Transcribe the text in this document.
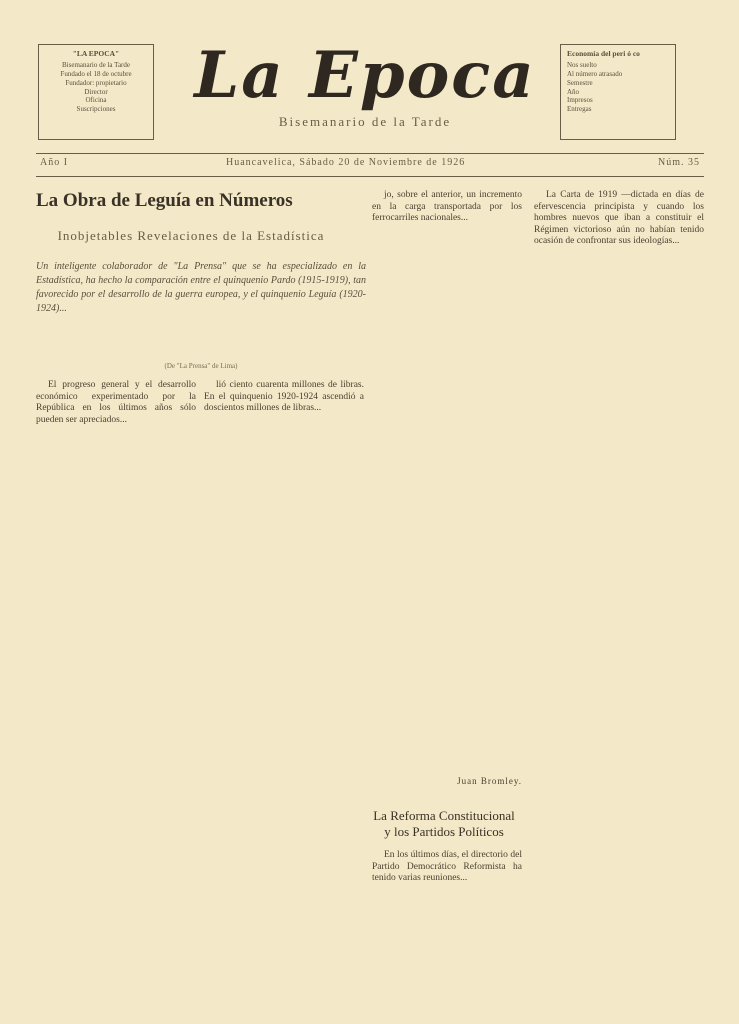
"LA EPOCA"
Bisemanario de la Tarde
Fundado el 18 de octubre
Fundador: propietario
Director
Oficina
Suscripciones	La Epoca
Bisemanario de la Tarde
Economía del peri ó co
Nos suelto
Al número atrasado
Semestre
Año
Impresos
Entregas
Año I	Huancavelica, Sábado 20 de Noviembre de 1926	Núm. 35
La Obra de Leguía en Números
Inobjetables Revelaciones de la Estadística
Un inteligente colaborador de "La Prensa" que se ha especializado en la Estadística, ha hecho la comparación entre el quinquenio Pardo (1915-1919), tan favorecido por el desarrollo de la guerra europea, y el quinquenio Leguía (1920-1924)...
(De "La Prensa" de Lima)

El progreso general y el desarrollo económico experimentado por la República en los últimos años sólo pueden ser apreciados...

lió ciento cuarenta millones de libras. En el quinquenio 1920-1924 ascendió a doscientos millones de libras...

jo, sobre el anterior, un incremento en la carga transportada por los ferrocarriles nacionales...

Juan Bromley.
La Reforma Constitucional y los Partidos Políticos

En los últimos días, el directorio del Partido Democrático Reformista ha tenido varias reuniones...

La Carta de 1919 —dictada en días de efervescencia principista y cuando los hombres nuevos que iban a constituir el Régimen victorioso aún no habían tenido ocasión de confrontar sus ideologías...
